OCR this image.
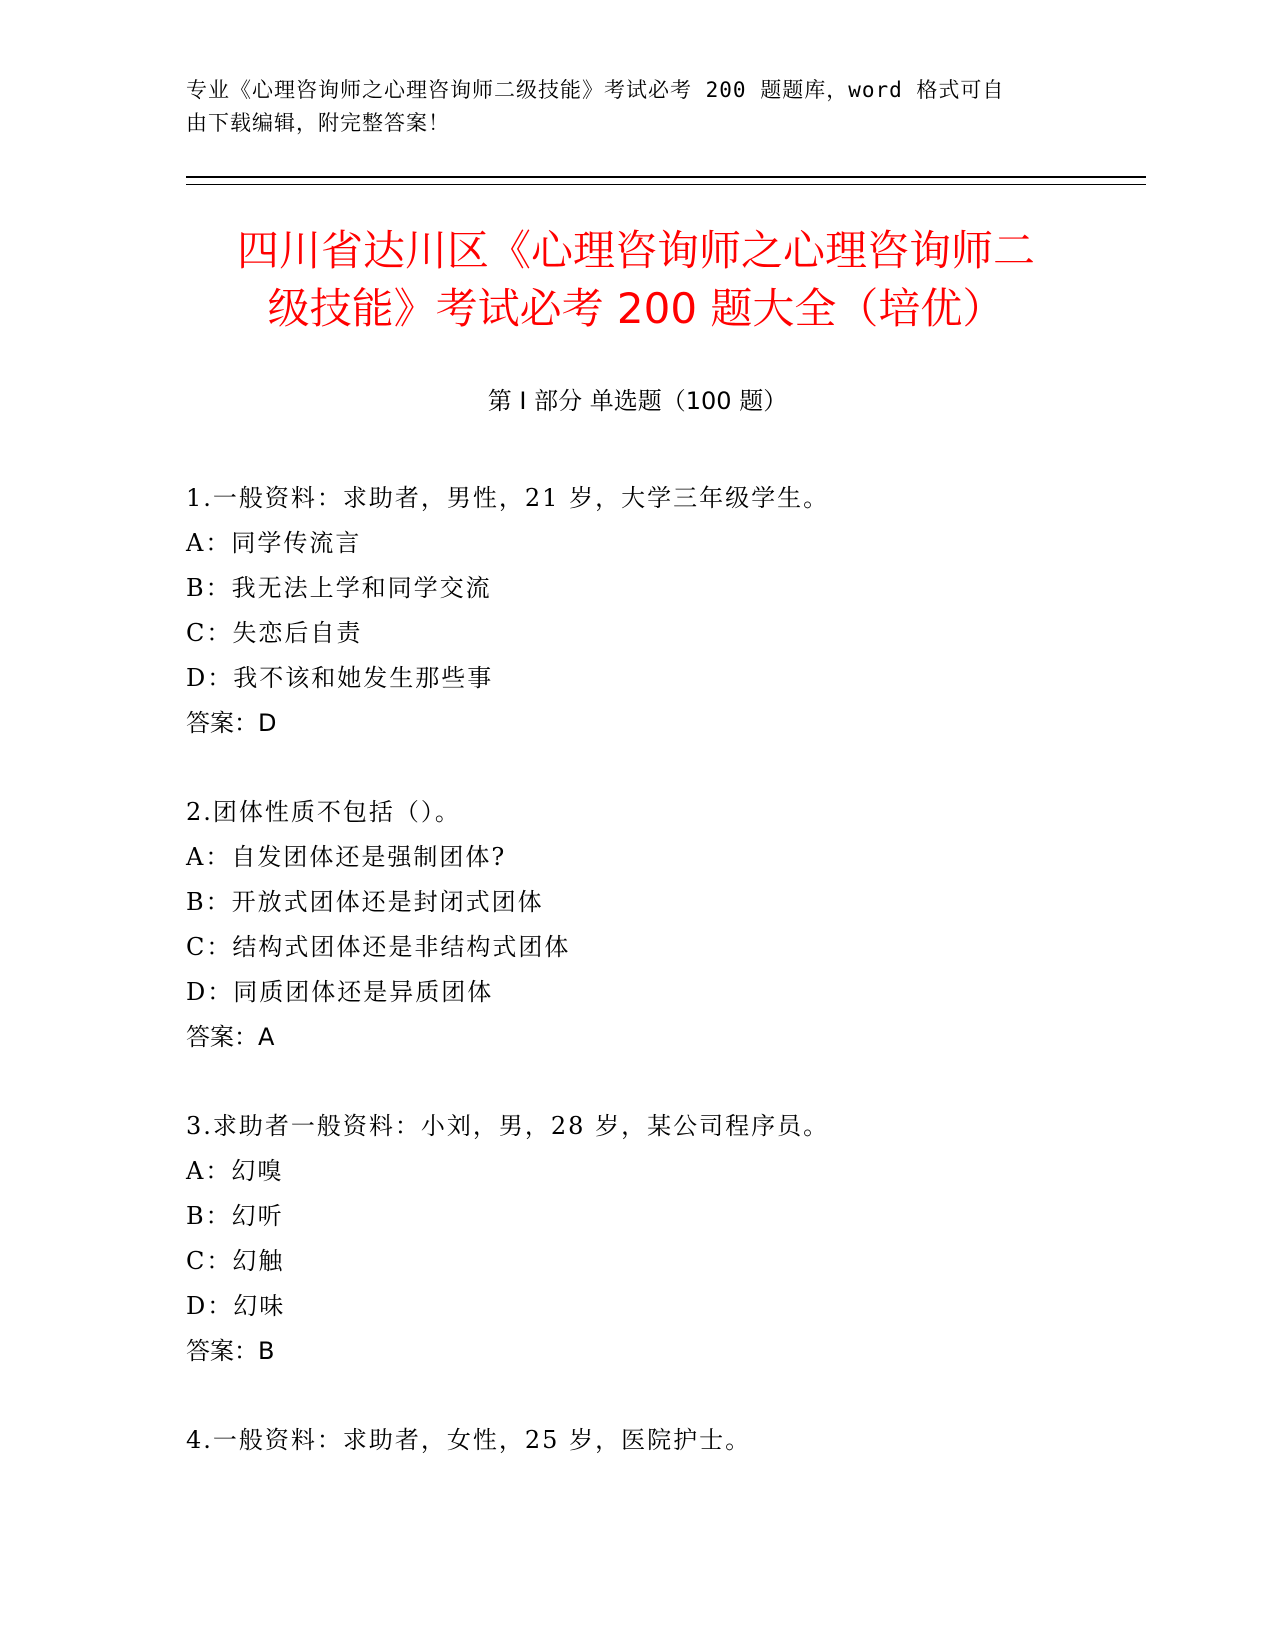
专业《心理咨询师之心理咨询师二级技能》考试必考 200 题题库，word 格式可自
由下载编辑，附完整答案！
四川省达川区《心理咨询师之心理咨询师二
级技能》考试必考 200 题大全（培优）
第 I 部分 单选题（100 题）
1.一般资料：求助者，男性，21 岁，大学三年级学生。
A：同学传流言
B：我无法上学和同学交流
C：失恋后自责
D：我不该和她发生那些事
答案：D
2.团体性质不包括（）。
A：自发团体还是强制团体?
B：开放式团体还是封闭式团体
C：结构式团体还是非结构式团体
D：同质团体还是异质团体
答案：A
3.求助者一般资料：小刘，男，28 岁，某公司程序员。
A：幻嗅
B：幻听
C：幻触
D：幻味
答案：B
4.一般资料：求助者，女性，25 岁，医院护士。
